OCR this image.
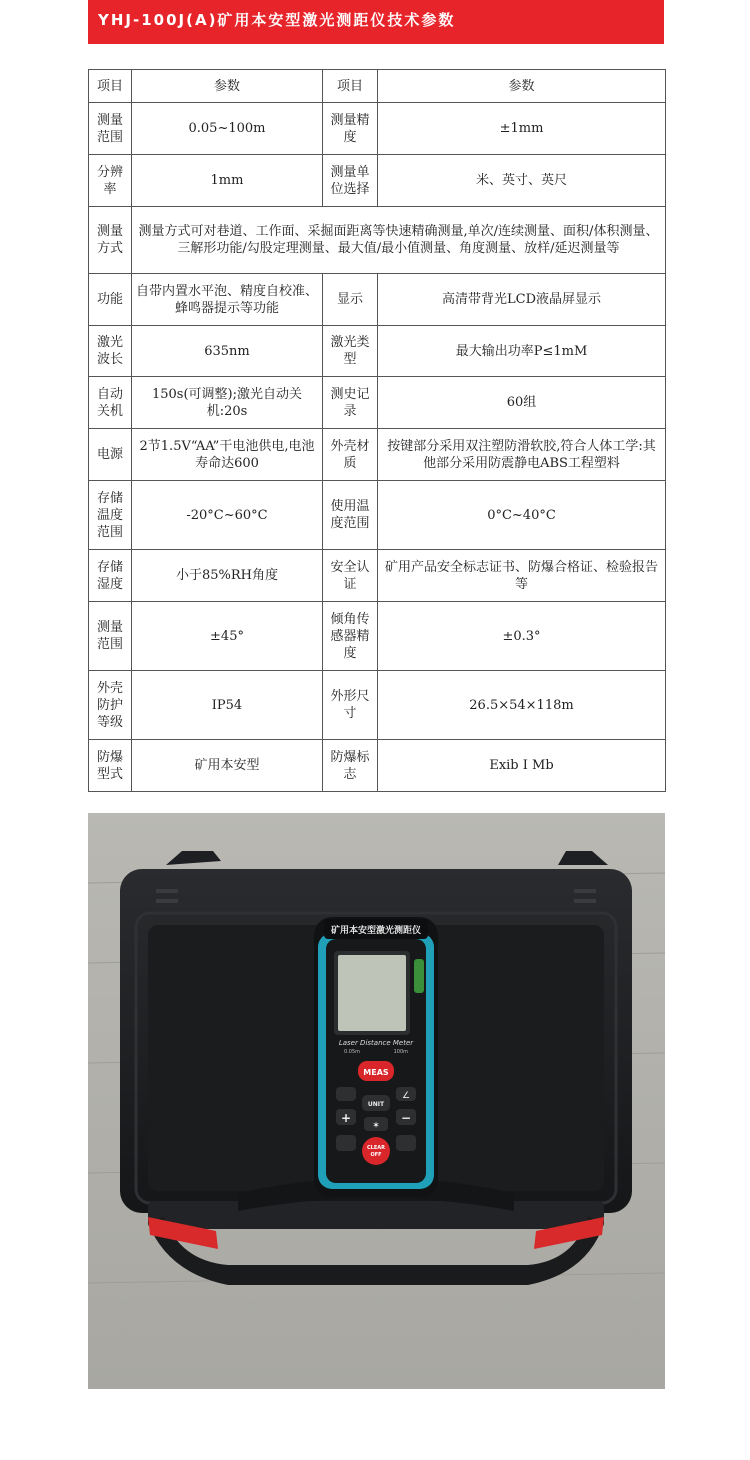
YHJ-100J(A)矿用本安型激光测距仪技术参数
项目	参数	项目	参数
测量范围	0.05~100m	测量精度	±1mm
分辨率	1mm	测量单位选择	米、英寸、英尺
测量方式	测量方式可对巷道、工作面、采掘面距离等快速精确测量,单次/连续测量、面积/体积测量、三解形功能/勾股定理测量、最大值/最小值测量、角度测量、放样/延迟测量等		
功能	自带内置水平泡、精度自校准、蜂鸣器提示等功能	显示	高清带背光LCD液晶屏显示
激光波长	635nm	激光类型	最大输出功率P≤1mM
自动关机	150s(可调整);激光自动关机:20s	测史记录	60组
电源	2节1.5V“AA”干电池供电,电池寿命达600	外壳材质	按键部分采用双注塑防滑软胶,符合人体工学:其他部分采用防震静电ABS工程塑料
存储温度范围	-20°C~60°C	使用温度范围	0°C~40°C
存储湿度	小于85%RH角度	安全认证	矿用产品安全标志证书、防爆合格证、检验报告等
测量范围	±45°	倾角传感器精度	±0.3°
外壳防护等级	IP54	外形尺寸	26.5×54×118m
防爆型式	矿用本安型	防爆标志	Exib I Mb
矿用本安型激光测距仪
Laser Distance Meter
0.05m	100m
MEAS
∠
UNIT
+	−
✶
CLEAR
OFF
